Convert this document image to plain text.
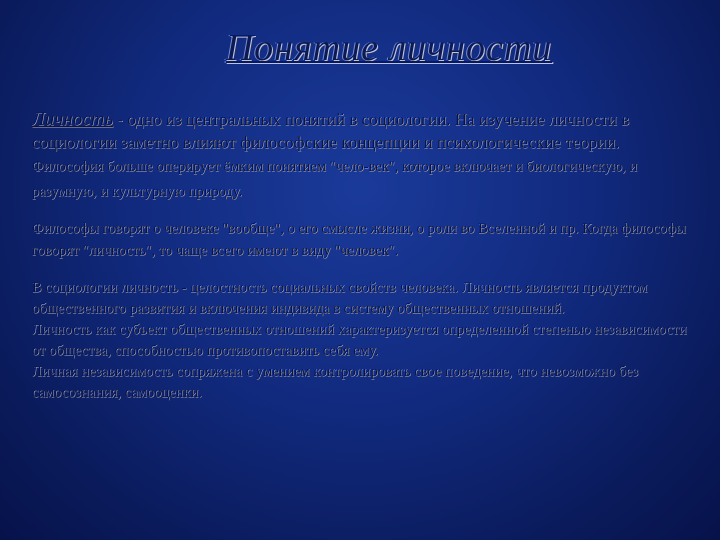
Понятие личности

Личность - одно из центральных понятий в социологии. На изучение личности в социологии заметно влияют философские концепции и психологические теории. Философия больше оперирует ёмким понятием "чело-век", которое включает и биологическую, и разумную, и культурную природу.

Философы говорят о человеке "вообще", о его смысле жизни, о роли во Вселенной и пр. Когда философы говорят "личность", то чаще всего имеют в виду "человек".

В социологии личность - целостность социальных свойств человека. Личность является продуктом общественного развития и включения индивида в систему общественных отношений.
Личность как субъект общественных отношений характеризуется определенной степенью независимости от общества, способностью противопоставить себя ему.
Личная независимость сопряжена с умением контролировать свое поведение, что невозможно без самосознания, самооценки.
